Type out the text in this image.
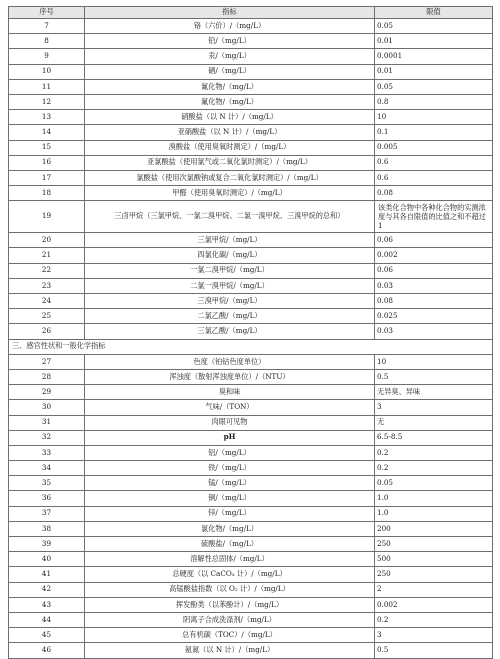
序号	指标	限值
7	铬（六价）/（mg/L）	0.05
8	铅/（mg/L）	0.01
9	汞/（mg/L）	0.0001
10	硒/（mg/L）	0.01
11	氰化物/（mg/L）	0.05
12	氟化物/（mg/L）	0.8
13	硝酸盐（以 N 计）/（mg/L）	10
14	亚硝酸盐（以 N 计）/（mg/L）	0.1
15	溴酸盐（使用臭氧时测定）/（mg/L）	0.005
16	亚氯酸盐（使用氯气或二氧化氯时测定）/（mg/L）	0.6
17	氯酸盐（使用次氯酸钠或复合二氧化氯时测定）/（mg/L）	0.6
18	甲醛（使用臭氧时测定）/（mg/L）	0.08
19	三卤甲烷（三氯甲烷、一氯二溴甲烷、二氯一溴甲烷、三溴甲烷的总和）	该类化合物中各种化合物的实测浓度与其各自限值的比值之和不超过 1
20	三氯甲烷/（mg/L）	0.06
21	四氯化碳/（mg/L）	0.002
22	一氯二溴甲烷/（mg/L）	0.06
23	二氯一溴甲烷/（mg/L）	0.03
24	三溴甲烷/（mg/L）	0.08
25	二氯乙酸/（mg/L）	0.025
26	三氯乙酸/（mg/L）	0.03
三、感官性状和一般化学指标		
27	色度（铂钴色度单位）	10
28	浑浊度（散射浑浊度单位）/（NTU）	0.5
29	臭和味	无异臭、异味
30	气味/（TON）	3
31	肉眼可见物	无
32	pH	6.5-8.5
33	铝/（mg/L）	0.2
34	铁/（mg/L）	0.2
35	锰/（mg/L）	0.05
36	铜/（mg/L）	1.0
37	锌/（mg/L）	1.0
38	氯化物/（mg/L）	200
39	硫酸盐/（mg/L）	250
40	溶解性总固体/（mg/L）	500
41	总硬度（以 CaCO₃ 计）/（mg/L）	250
42	高锰酸盐指数（以 O₂ 计）/（mg/L）	2
43	挥发酚类（以苯酚计）/（mg/L）	0.002
44	阴离子合成洗涤剂/（mg/L）	0.2
45	总有机碳（TOC）/（mg/L）	3
46	氨氮（以 N 计）/（mg/L）	0.5
